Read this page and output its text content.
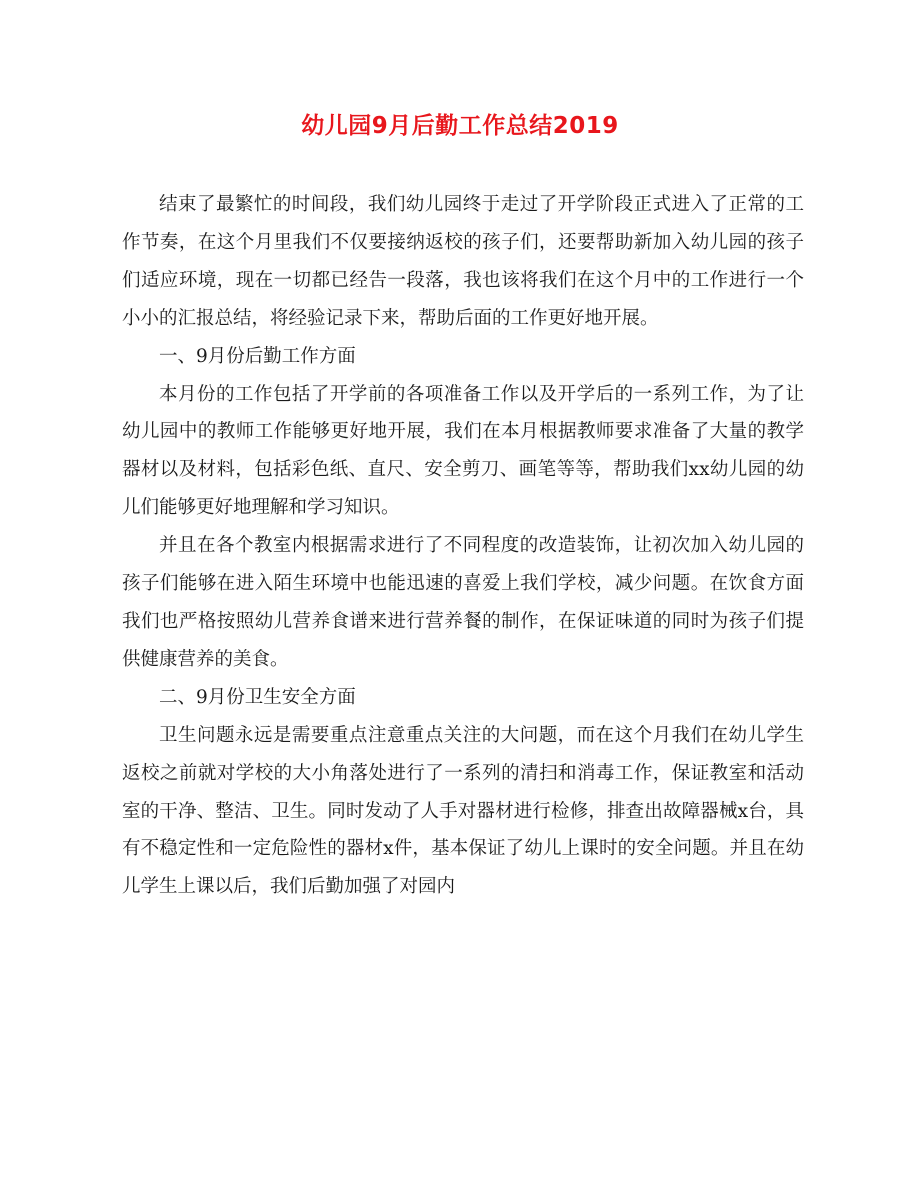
幼儿园9月后勤工作总结2019

结束了最繁忙的时间段，我们幼儿园终于走过了开学阶段正式进入了正常的工作节奏，在这个月里我们不仅要接纳返校的孩子们，还要帮助新加入幼儿园的孩子们适应环境，现在一切都已经告一段落，我也该将我们在这个月中的工作进行一个小小的汇报总结，将经验记录下来，帮助后面的工作更好地开展。

一、9月份后勤工作方面

本月份的工作包括了开学前的各项准备工作以及开学后的一系列工作，为了让幼儿园中的教师工作能够更好地开展，我们在本月根据教师要求准备了大量的教学器材以及材料，包括彩色纸、直尺、安全剪刀、画笔等等，帮助我们xx幼儿园的幼儿们能够更好地理解和学习知识。

并且在各个教室内根据需求进行了不同程度的改造装饰，让初次加入幼儿园的孩子们能够在进入陌生环境中也能迅速的喜爱上我们学校，减少问题。在饮食方面我们也严格按照幼儿营养食谱来进行营养餐的制作，在保证味道的同时为孩子们提供健康营养的美食。

二、9月份卫生安全方面

卫生问题永远是需要重点注意重点关注的大问题，而在这个月我们在幼儿学生返校之前就对学校的大小角落处进行了一系列的清扫和消毒工作，保证教室和活动室的干净、整洁、卫生。同时发动了人手对器材进行检修，排查出故障器械x台，具有不稳定性和一定危险性的器材x件，基本保证了幼儿上课时的安全问题。并且在幼儿学生上课以后，我们后勤加强了对园内
